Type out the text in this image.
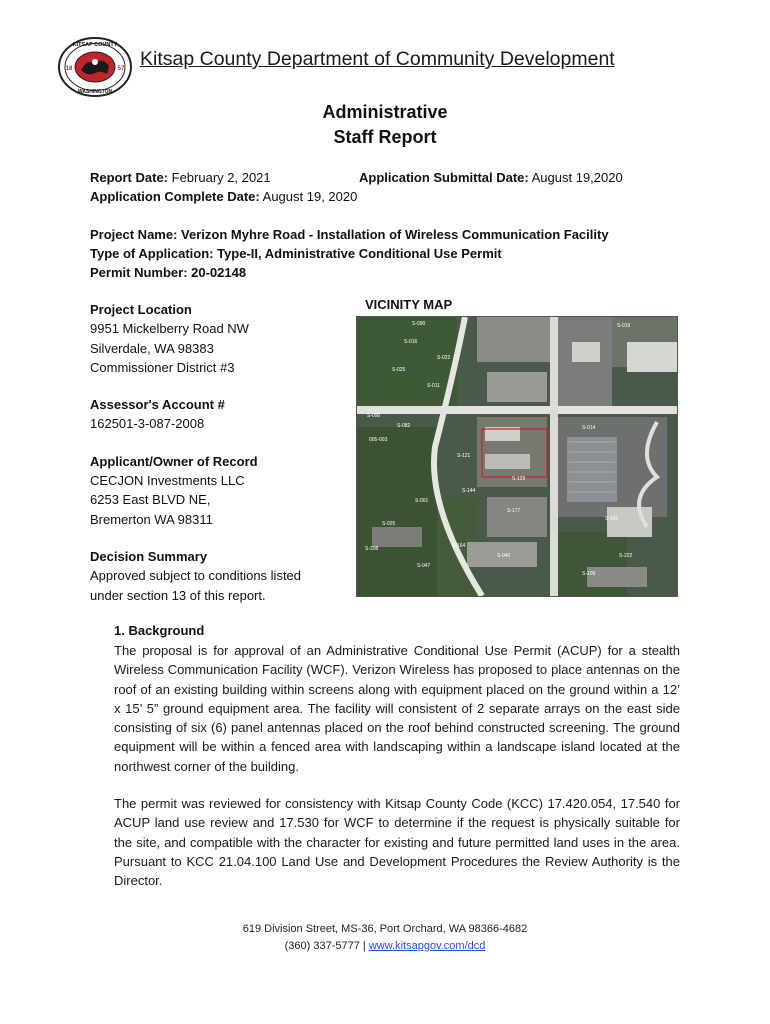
KITSAP COUNTY
WASHINGTON
18	57 Kitsap County Department of Community Development
Administrative
Staff Report
Report Date: February 2, 2021	Application Submittal Date: August 19,2020
Application Complete Date: August 19, 2020
Project Name: Verizon Myhre Road - Installation of Wireless Communication Facility
Type of Application: Type-II, Administrative Conditional Use Permit
Permit Number: 20-02148
Project Location
9951 Mickelberry Road NW
Silverdale, WA 98383
Commissioner District #3
Assessor's Account #
162501-3-087-2008
Applicant/Owner of Record
CECJON Investments LLC
6253 East BLVD NE,
Bremerton WA 98311
Decision Summary
Approved subject to conditions listed
under section 13 of this report.
VICINITY MAP
S-090
S-016
S-022
S-019
S-025
S-011
S-014
S-082
S-090
S-121
005-003
S-129
S-144
S-177
S-001
S-181
S-025
S-164
S-040
S-047
S-208
S-222
S-109
1. Background
The proposal is for approval of an Administrative Conditional Use Permit (ACUP) for a stealth Wireless Communication Facility (WCF). Verizon Wireless has proposed to place antennas on the roof of an existing building within screens along with equipment placed on the ground within a 12’ x 15’ 5” ground equipment area. The facility will consistent of 2 separate arrays on the east side consisting of six (6) panel antennas placed on the roof behind constructed screening. The ground equipment will be within a fenced area with landscaping within a landscape island located at the northwest corner of the building.
The permit was reviewed for consistency with Kitsap County Code (KCC) 17.420.054, 17.540 for ACUP land use review and 17.530 for WCF to determine if the request is physically suitable for the site, and compatible with the character for existing and future permitted land uses in the area. Pursuant to KCC 21.04.100 Land Use and Development Procedures the Review Authority is the Director.
619 Division Street, MS-36, Port Orchard, WA 98366-4682
(360) 337-5777 | www.kitsapgov.com/dcd
